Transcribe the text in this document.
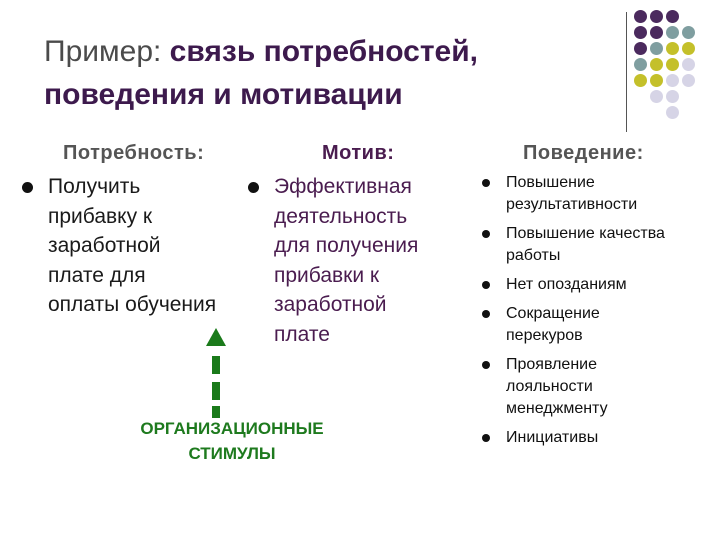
Пример: связь потребностей,
поведения и мотивации
Потребность:	Мотив:	Поведение:
Получить
прибавку к
заработной
плате для
оплаты обучения
Эффективная
деятельность
для получения
прибавки к
заработной
плате
Повышение
результативности
Повышение качества
работы
Нет опозданиям
Сокращение
перекуров
Проявление
лояльности
менеджменту
Инициативы
ОРГАНИЗАЦИОННЫЕ
СТИМУЛЫ
